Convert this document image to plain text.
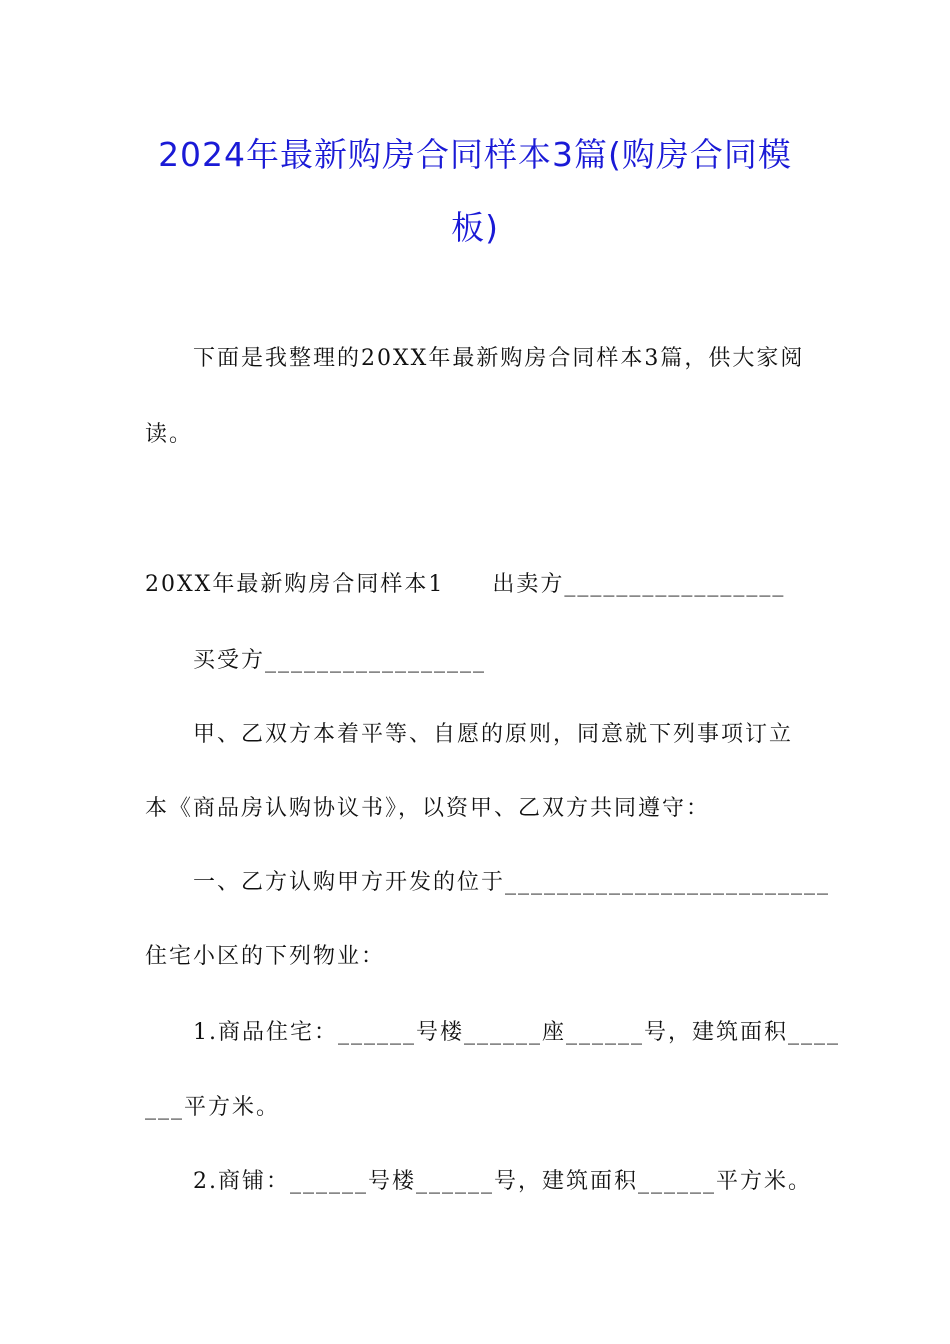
2024年最新购房合同样本3篇(购房合同模
板)
下面是我整理的20XX年最新购房合同样本3篇，供大家阅
读。
20XX年最新购房合同样本1　　出卖方_________________
买受方_________________
甲、乙双方本着平等、自愿的原则，同意就下列事项订立
本《商品房认购协议书》，以资甲、乙双方共同遵守：
一、乙方认购甲方开发的位于_________________________
住宅小区的下列物业：
1.商品住宅：______号楼______座______号，建筑面积____
___平方米。
2.商铺：______号楼______号，建筑面积______平方米。
